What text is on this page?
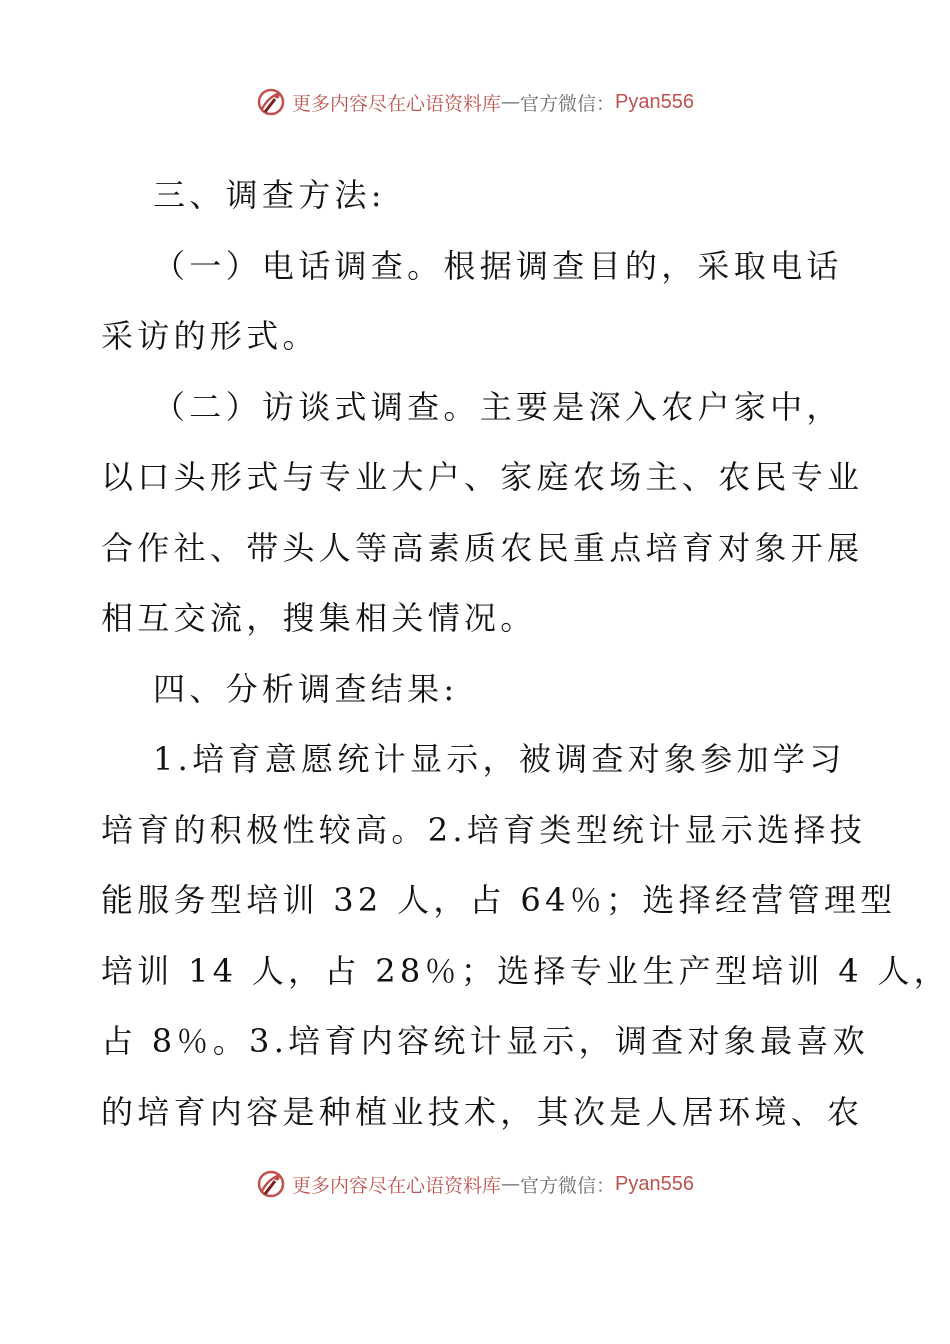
更多内容尽在心语资料库 — 官方微信： Pyan556
三、调查方法:
（一）电话调查。根据调查目的，采取电话
采访的形式。
（二）访谈式调查。主要是深入农户家中，
以口头形式与专业大户、家庭农场主、农民专业
合作社、带头人等高素质农民重点培育对象开展
相互交流，搜集相关情况。
四、分析调查结果:
1.培育意愿统计显示，被调查对象参加学习
培育的积极性较高。2.培育类型统计显示选择技
能服务型培训 32 人，占 64％；选择经营管理型
培训 14 人，占 28％；选择专业生产型培训 4 人，
占 8％。3.培育内容统计显示，调查对象最喜欢
的培育内容是种植业技术，其次是人居环境、农
更多内容尽在心语资料库 — 官方微信： Pyan556
